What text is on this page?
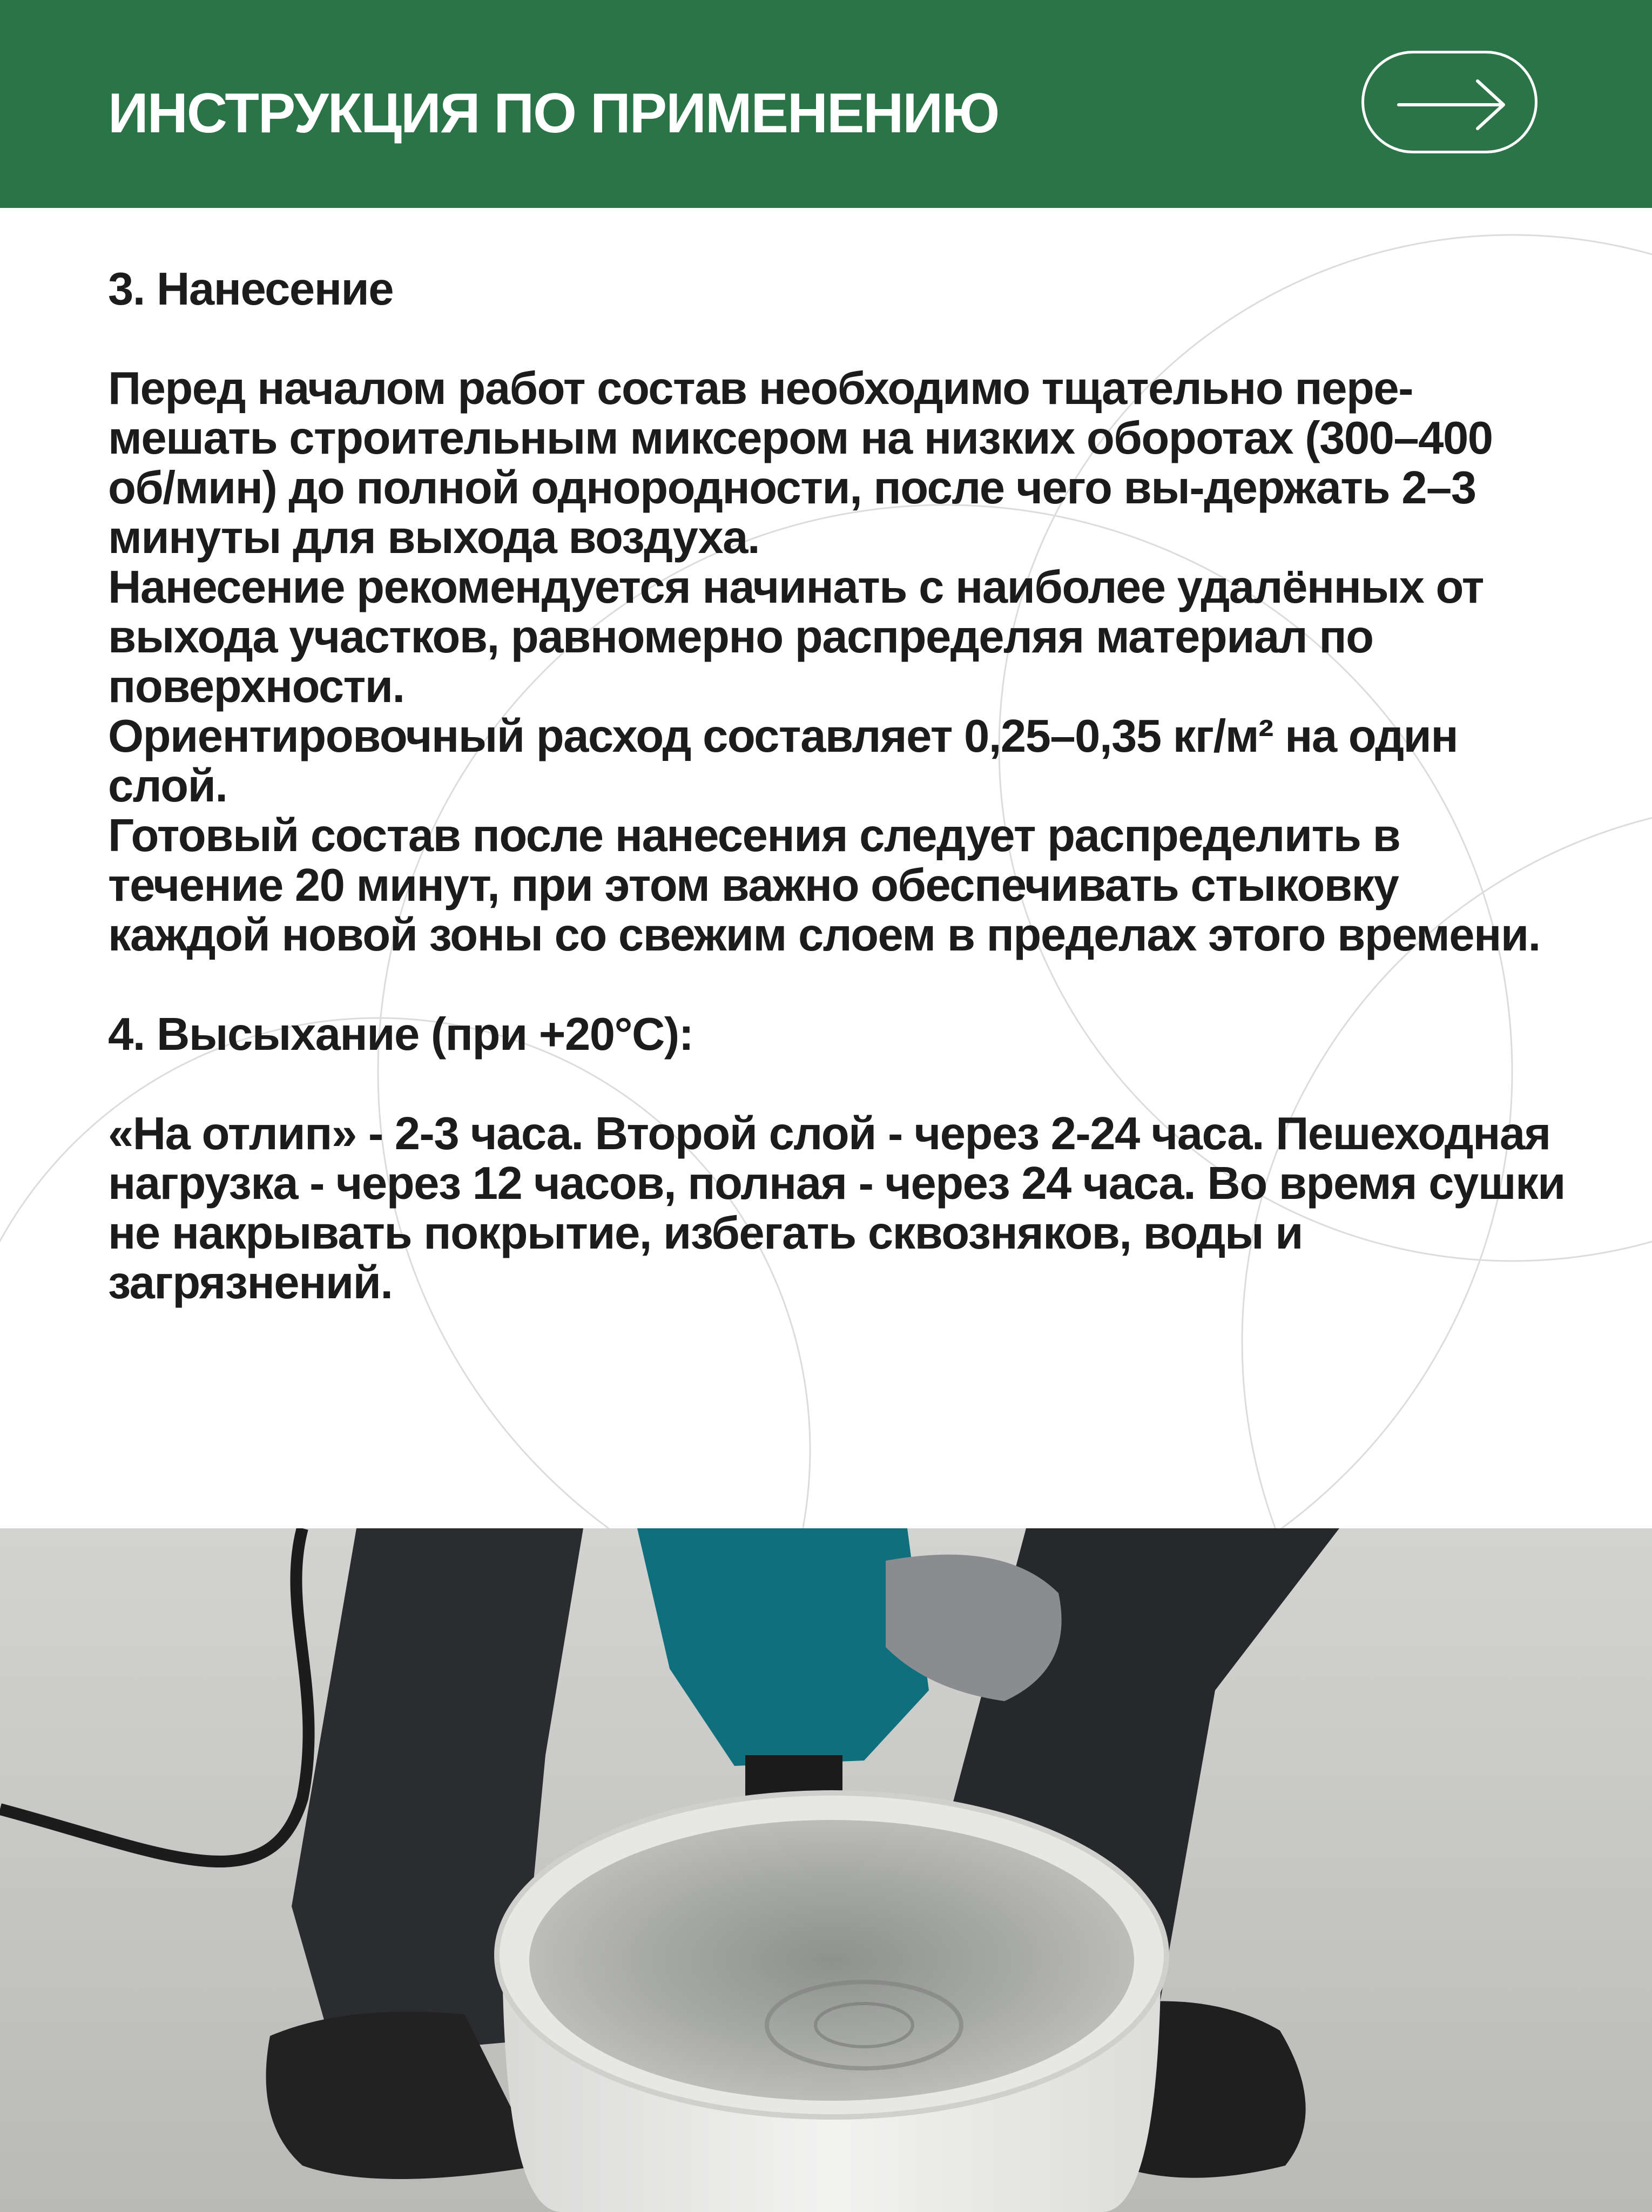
ИНСТРУКЦИЯ ПО ПРИМЕНЕНИЮ

3. Нанесение

Перед началом работ состав необходимо тщательно пере-мешать строительным миксером на низких оборотах (300–400 об/мин) до полной однородности, после чего вы-держать 2–3 минуты для выхода воздуха.

Нанесение рекомендуется начинать с наиболее удалённых от выхода участков, равномерно распределяя материал по поверхности.

Ориентировочный расход составляет 0,25–0,35 кг/м² на один слой.

Готовый состав после нанесения следует распределить в течение 20 минут, при этом важно обеспечивать стыковку каждой новой зоны со свежим слоем в пределах этого времени.

4. Высыхание (при +20°C):

«На отлип» - 2-3 часа. Второй слой - через 2-24 часа. Пешеходная нагрузка - через 12 часов, полная - через 24 часа. Во время сушки не накрывать покрытие, избегать сквозняков, воды и загрязнений.
